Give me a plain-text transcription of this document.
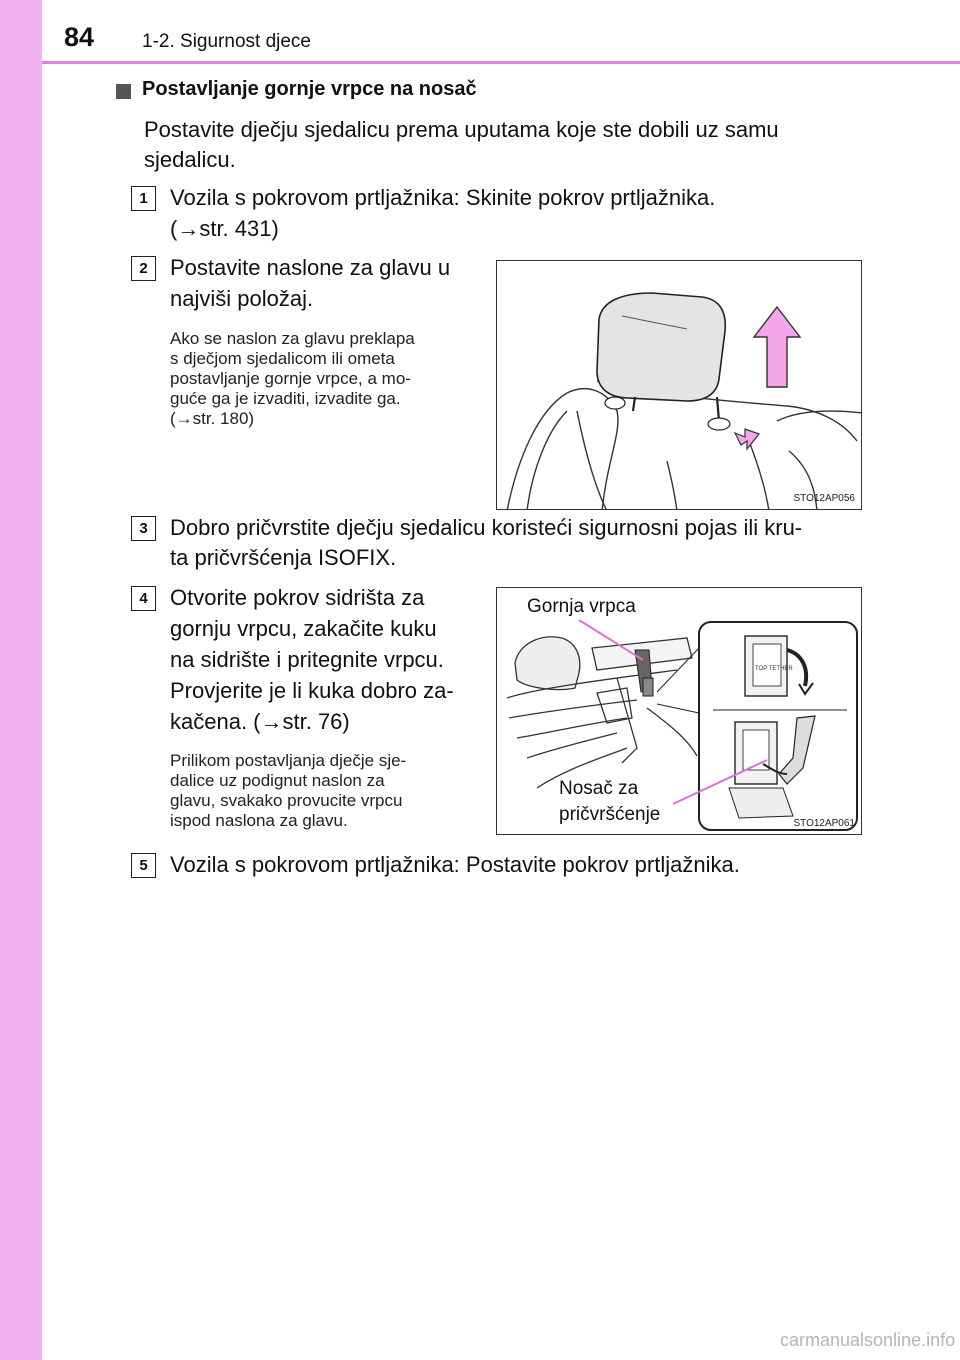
84	1-2. Sigurnost djece
Postavljanje gornje vrpce na nosač
Postavite dječju sjedalicu prema uputama koje ste dobili uz samu
sjedalicu.
1	Vozila s pokrovom prtljažnika: Skinite pokrov prtljažnika.
(→str. 431)
2	Postavite naslone za glavu u
najviši položaj.
Ako se naslon za glavu preklapa
s dječjom sjedalicom ili ometa
postavljanje gornje vrpce, a mo-
guće ga je izvaditi, izvadite ga.
(→str. 180)
STO12AP056
3	Dobro pričvrstite dječju sjedalicu koristeći sigurnosni pojas ili kru-
ta pričvršćenja ISOFIX.
4	Otvorite pokrov sidrišta za
gornju vrpcu, zakačite kuku
na sidrište i pritegnite vrpcu.
Provjerite je li kuka dobro za-
kačena. (→str. 76)
Prilikom postavljanja dječje sje-
dalice uz podignut naslon za
glavu, svakako provucite vrpcu
ispod naslona za glavu.
TOP TETHER
Gornja vrpca
Nosač za
pričvršćenje	STO12AP061
5	Vozila s pokrovom prtljažnika: Postavite pokrov prtljažnika.
carmanualsonline.info
